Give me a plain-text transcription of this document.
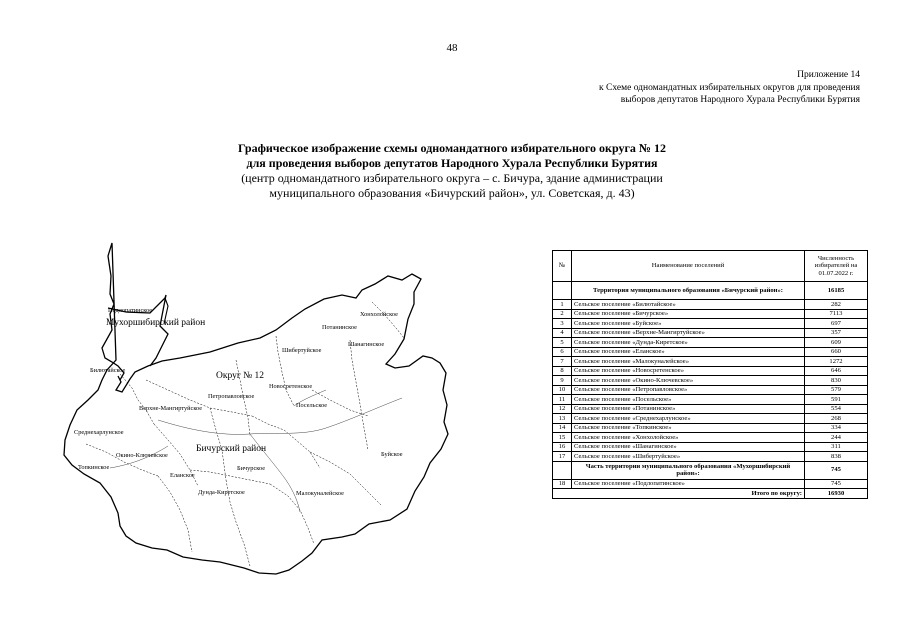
48
Приложение 14
к Схеме одномандатных избирательных округов для проведения
выборов депутатов Народного Хурала Республики Бурятия
Графическое изображение схемы одномандатного избирательного округа № 12
для проведения выборов депутатов Народного Хурала Республики Бурятия
(центр одномандатного избирательного округа – с. Бичура, здание администрации
муниципального образования «Бичурский район», ул. Советская, д. 43)
Подлопатинское
Мухоршибирский район
Хонхолойское
Потанинское
Шанагинское
Шибертуйское
Билютайское
Округ № 12
Новосретенское
Петропавловское
Верхне-Мангиртуйское	Посельское
Среднехарлунское
Окино-Ключевское
Бичурский район
Буйское
Топкинское
Еланское
Бичурское
Дунда-Киретское	Малокуналейское
№	Наименование поселений	Численность избирателей на 01.07.2022 г.
	Территория муниципального образования «Бичурский район»:	16185
1	Сельское поселение «Билютайское»	282
2	Сельское поселение «Бичурское»	7113
3	Сельское поселение «Буйское»	697
4	Сельское поселение «Верхне-Мангиртуйское»	357
5	Сельское поселение «Дунда-Киретское»	609
6	Сельское поселение «Еланское»	660
7	Сельское поселение «Малокуналейское»	1272
8	Сельское поселение «Новосретенское»	646
9	Сельское поселение «Окино-Ключевское»	830
10	Сельское поселение «Петропавловское»	579
11	Сельское поселение «Посельское»	591
12	Сельское поселение «Потанинское»	554
13	Сельское поселение «Среднехарлунское»	268
14	Сельское поселение «Топкинское»	334
15	Сельское поселение «Хонхолойское»	244
16	Сельское поселение «Шанагинское»	311
17	Сельское поселение «Шибертуйское»	838
	Часть территории муниципального образования «Мухоршибирский район»:	745
18	Сельское поселение «Подлопатинское»	745
Итого по округу:		16930
